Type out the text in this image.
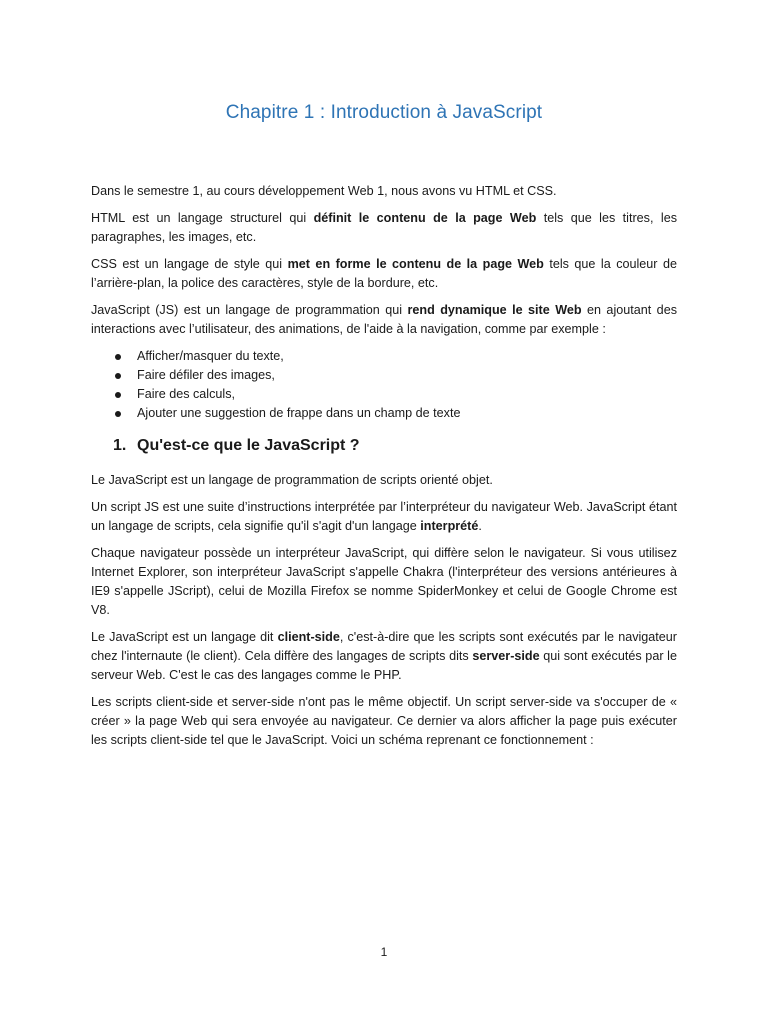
Chapitre 1 : Introduction à JavaScript

Dans le semestre 1, au cours développement Web 1, nous avons vu HTML et CSS.

HTML est un langage structurel qui définit le contenu de la page Web tels que les titres, les paragraphes, les images, etc.

CSS est un langage de style qui met en forme le contenu de la page Web tels que la couleur de l’arrière-plan, la police des caractères, style de la bordure, etc.

JavaScript (JS) est un langage de programmation qui rend dynamique le site Web en ajoutant des interactions avec l’utilisateur, des animations, de l'aide à la navigation, comme par exemple :

Afficher/masquer du texte,
Faire défiler des images,
Faire des calculs,
Ajouter une suggestion de frappe dans un champ de texte
1. Qu'est-ce que le JavaScript ?

Le JavaScript est un langage de programmation de scripts orienté objet.

Un script JS est une suite d’instructions interprétée par l’interpréteur du navigateur Web. JavaScript étant un langage de scripts, cela signifie qu'il s'agit d'un langage interprété.

Chaque navigateur possède un interpréteur JavaScript, qui diffère selon le navigateur. Si vous utilisez Internet Explorer, son interpréteur JavaScript s'appelle Chakra (l'interpréteur des versions antérieures à IE9 s'appelle JScript), celui de Mozilla Firefox se nomme SpiderMonkey et celui de Google Chrome est V8.

Le JavaScript est un langage dit client-side, c'est-à-dire que les scripts sont exécutés par le navigateur chez l'internaute (le client). Cela diffère des langages de scripts dits server-side qui sont exécutés par le serveur Web. C'est le cas des langages comme le PHP.

Les scripts client-side et server-side n'ont pas le même objectif. Un script server-side va s'occuper de « créer » la page Web qui sera envoyée au navigateur. Ce dernier va alors afficher la page puis exécuter les scripts client-side tel que le JavaScript. Voici un schéma reprenant ce fonctionnement :

1
